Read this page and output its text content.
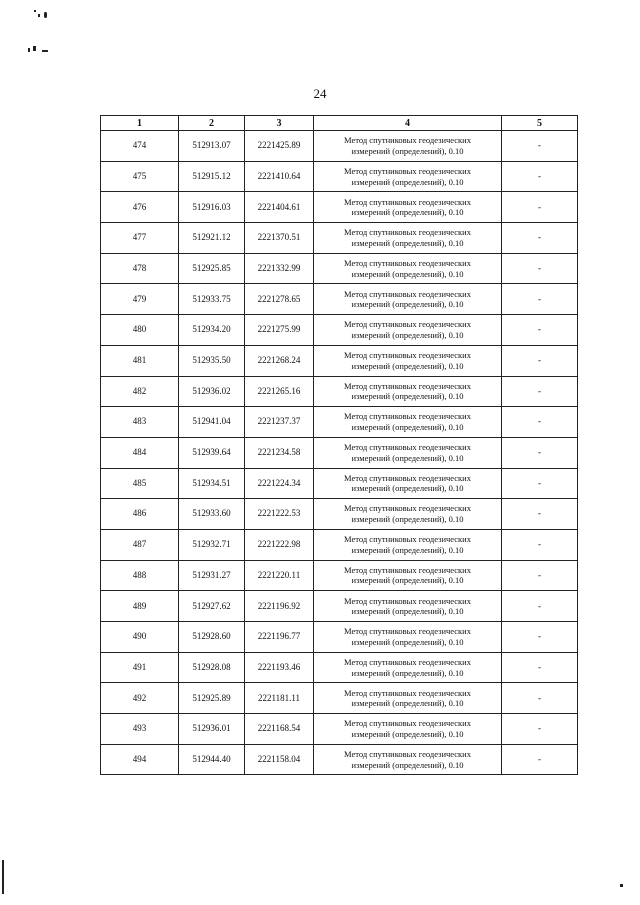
24
1	2	3	4	5
474	512913.07	2221425.89	Метод спутниковых геодезических
измерений (определений), 0.10	-
475	512915.12	2221410.64	Метод спутниковых геодезических
измерений (определений), 0.10	-
476	512916.03	2221404.61	Метод спутниковых геодезических
измерений (определений), 0.10	-
477	512921.12	2221370.51	Метод спутниковых геодезических
измерений (определений), 0.10	-
478	512925.85	2221332.99	Метод спутниковых геодезических
измерений (определений), 0.10	-
479	512933.75	2221278.65	Метод спутниковых геодезических
измерений (определений), 0.10	-
480	512934.20	2221275.99	Метод спутниковых геодезических
измерений (определений), 0.10	-
481	512935.50	2221268.24	Метод спутниковых геодезических
измерений (определений), 0.10	-
482	512936.02	2221265.16	Метод спутниковых геодезических
измерений (определений), 0.10	-
483	512941.04	2221237.37	Метод спутниковых геодезических
измерений (определений), 0.10	-
484	512939.64	2221234.58	Метод спутниковых геодезических
измерений (определений), 0.10	-
485	512934.51	2221224.34	Метод спутниковых геодезических
измерений (определений), 0.10	-
486	512933.60	2221222.53	Метод спутниковых геодезических
измерений (определений), 0.10	-
487	512932.71	2221222.98	Метод спутниковых геодезических
измерений (определений), 0.10	-
488	512931.27	2221220.11	Метод спутниковых геодезических
измерений (определений), 0.10	-
489	512927.62	2221196.92	Метод спутниковых геодезических
измерений (определений), 0.10	-
490	512928.60	2221196.77	Метод спутниковых геодезических
измерений (определений), 0.10	-
491	512928.08	2221193.46	Метод спутниковых геодезических
измерений (определений), 0.10	-
492	512925.89	2221181.11	Метод спутниковых геодезических
измерений (определений), 0.10	-
493	512936.01	2221168.54	Метод спутниковых геодезических
измерений (определений), 0.10	-
494	512944.40	2221158.04	Метод спутниковых геодезических
измерений (определений), 0.10	-
